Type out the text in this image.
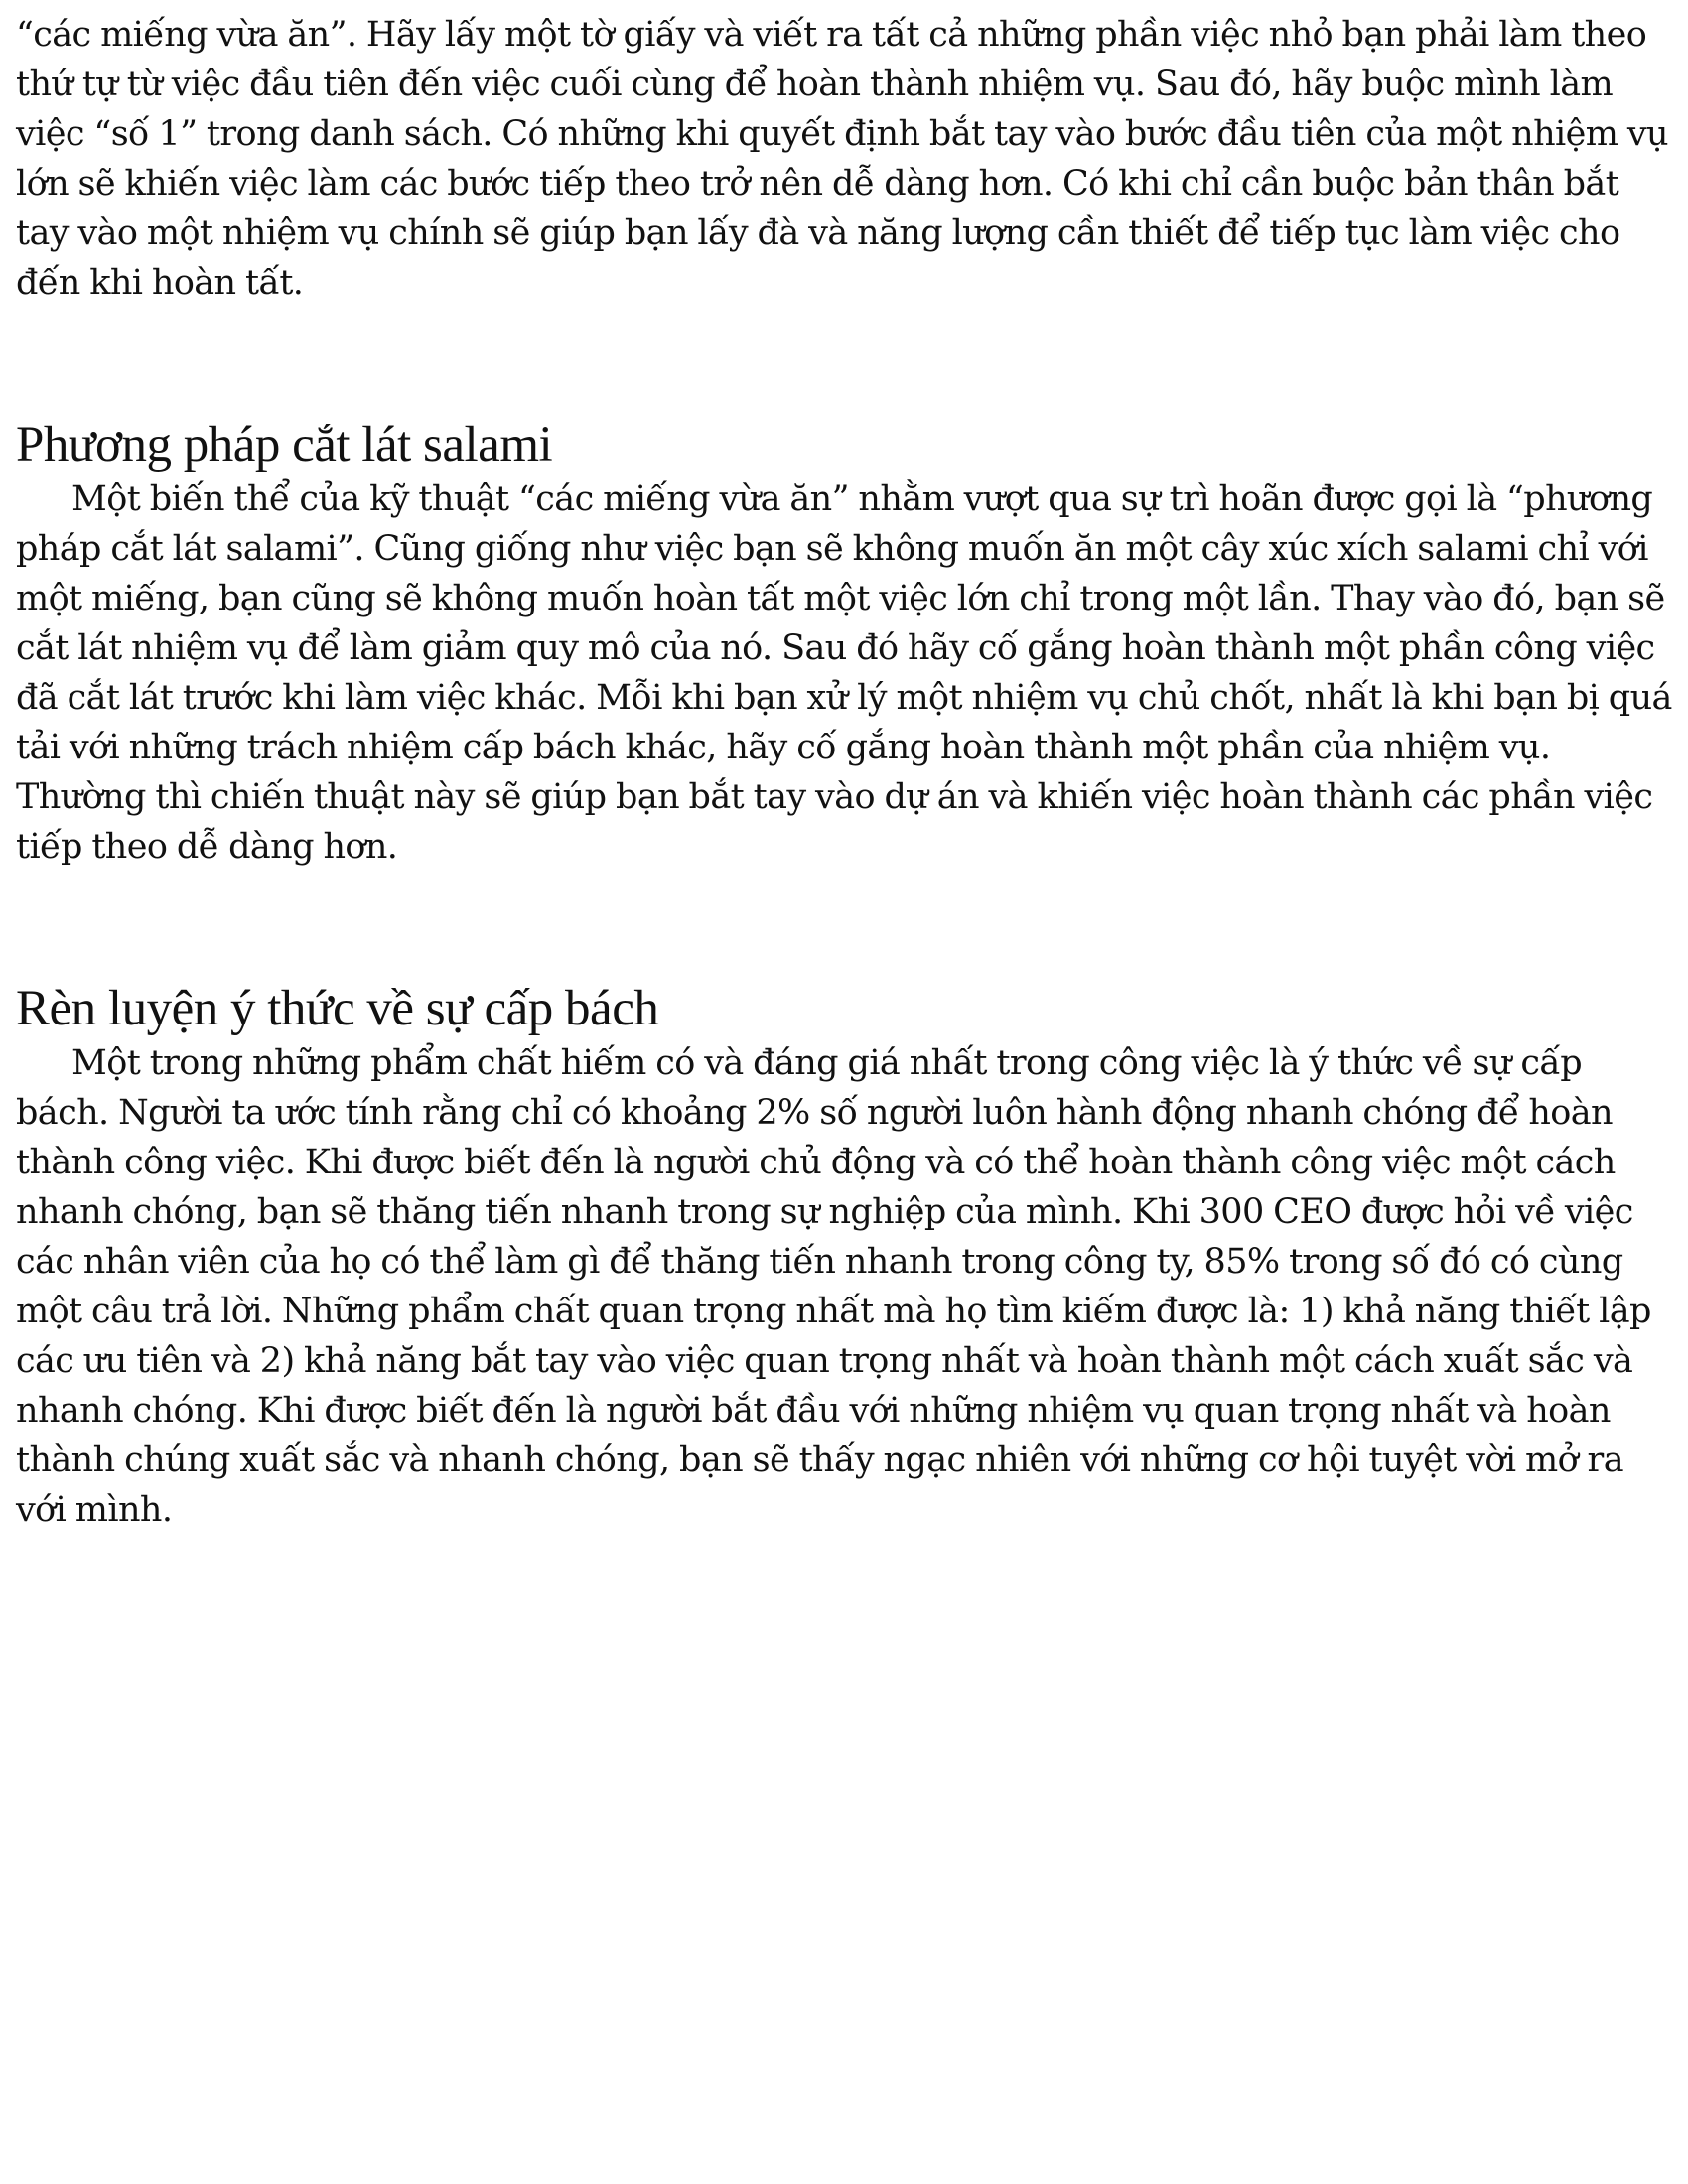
“các miếng vừa ăn”. Hãy lấy một tờ giấy và viết ra tất cả những phần việc nhỏ bạn phải làm theo thứ tự từ việc đầu tiên đến việc cuối cùng để hoàn thành nhiệm vụ. Sau đó, hãy buộc mình làm việc “số 1” trong danh sách. Có những khi quyết định bắt tay vào bước đầu tiên của một nhiệm vụ lớn sẽ khiến việc làm các bước tiếp theo trở nên dễ dàng hơn. Có khi chỉ cần buộc bản thân bắt tay vào một nhiệm vụ chính sẽ giúp bạn lấy đà và năng lượng cần thiết để tiếp tục làm việc cho đến khi hoàn tất.

Phương pháp cắt lát salami

Một biến thể của kỹ thuật “các miếng vừa ăn” nhằm vượt qua sự trì hoãn được gọi là “phương pháp cắt lát salami”. Cũng giống như việc bạn sẽ không muốn ăn một cây xúc xích salami chỉ với một miếng, bạn cũng sẽ không muốn hoàn tất một việc lớn chỉ trong một lần. Thay vào đó, bạn sẽ cắt lát nhiệm vụ để làm giảm quy mô của nó. Sau đó hãy cố gắng hoàn thành một phần công việc đã cắt lát trước khi làm việc khác. Mỗi khi bạn xử lý một nhiệm vụ chủ chốt, nhất là khi bạn bị quá tải với những trách nhiệm cấp bách khác, hãy cố gắng hoàn thành một phần của nhiệm vụ. Thường thì chiến thuật này sẽ giúp bạn bắt tay vào dự án và khiến việc hoàn thành các phần việc tiếp theo dễ dàng hơn.

Rèn luyện ý thức về sự cấp bách

Một trong những phẩm chất hiếm có và đáng giá nhất trong công việc là ý thức về sự cấp bách. Người ta ước tính rằng chỉ có khoảng 2% số người luôn hành động nhanh chóng để hoàn thành công việc. Khi được biết đến là người chủ động và có thể hoàn thành công việc một cách nhanh chóng, bạn sẽ thăng tiến nhanh trong sự nghiệp của mình. Khi 300 CEO được hỏi về việc các nhân viên của họ có thể làm gì để thăng tiến nhanh trong công ty, 85% trong số đó có cùng một câu trả lời. Những phẩm chất quan trọng nhất mà họ tìm kiếm được là: 1) khả năng thiết lập các ưu tiên và 2) khả năng bắt tay vào việc quan trọng nhất và hoàn thành một cách xuất sắc và nhanh chóng. Khi được biết đến là người bắt đầu với những nhiệm vụ quan trọng nhất và hoàn thành chúng xuất sắc và nhanh chóng, bạn sẽ thấy ngạc nhiên với những cơ hội tuyệt vời mở ra với mình.
